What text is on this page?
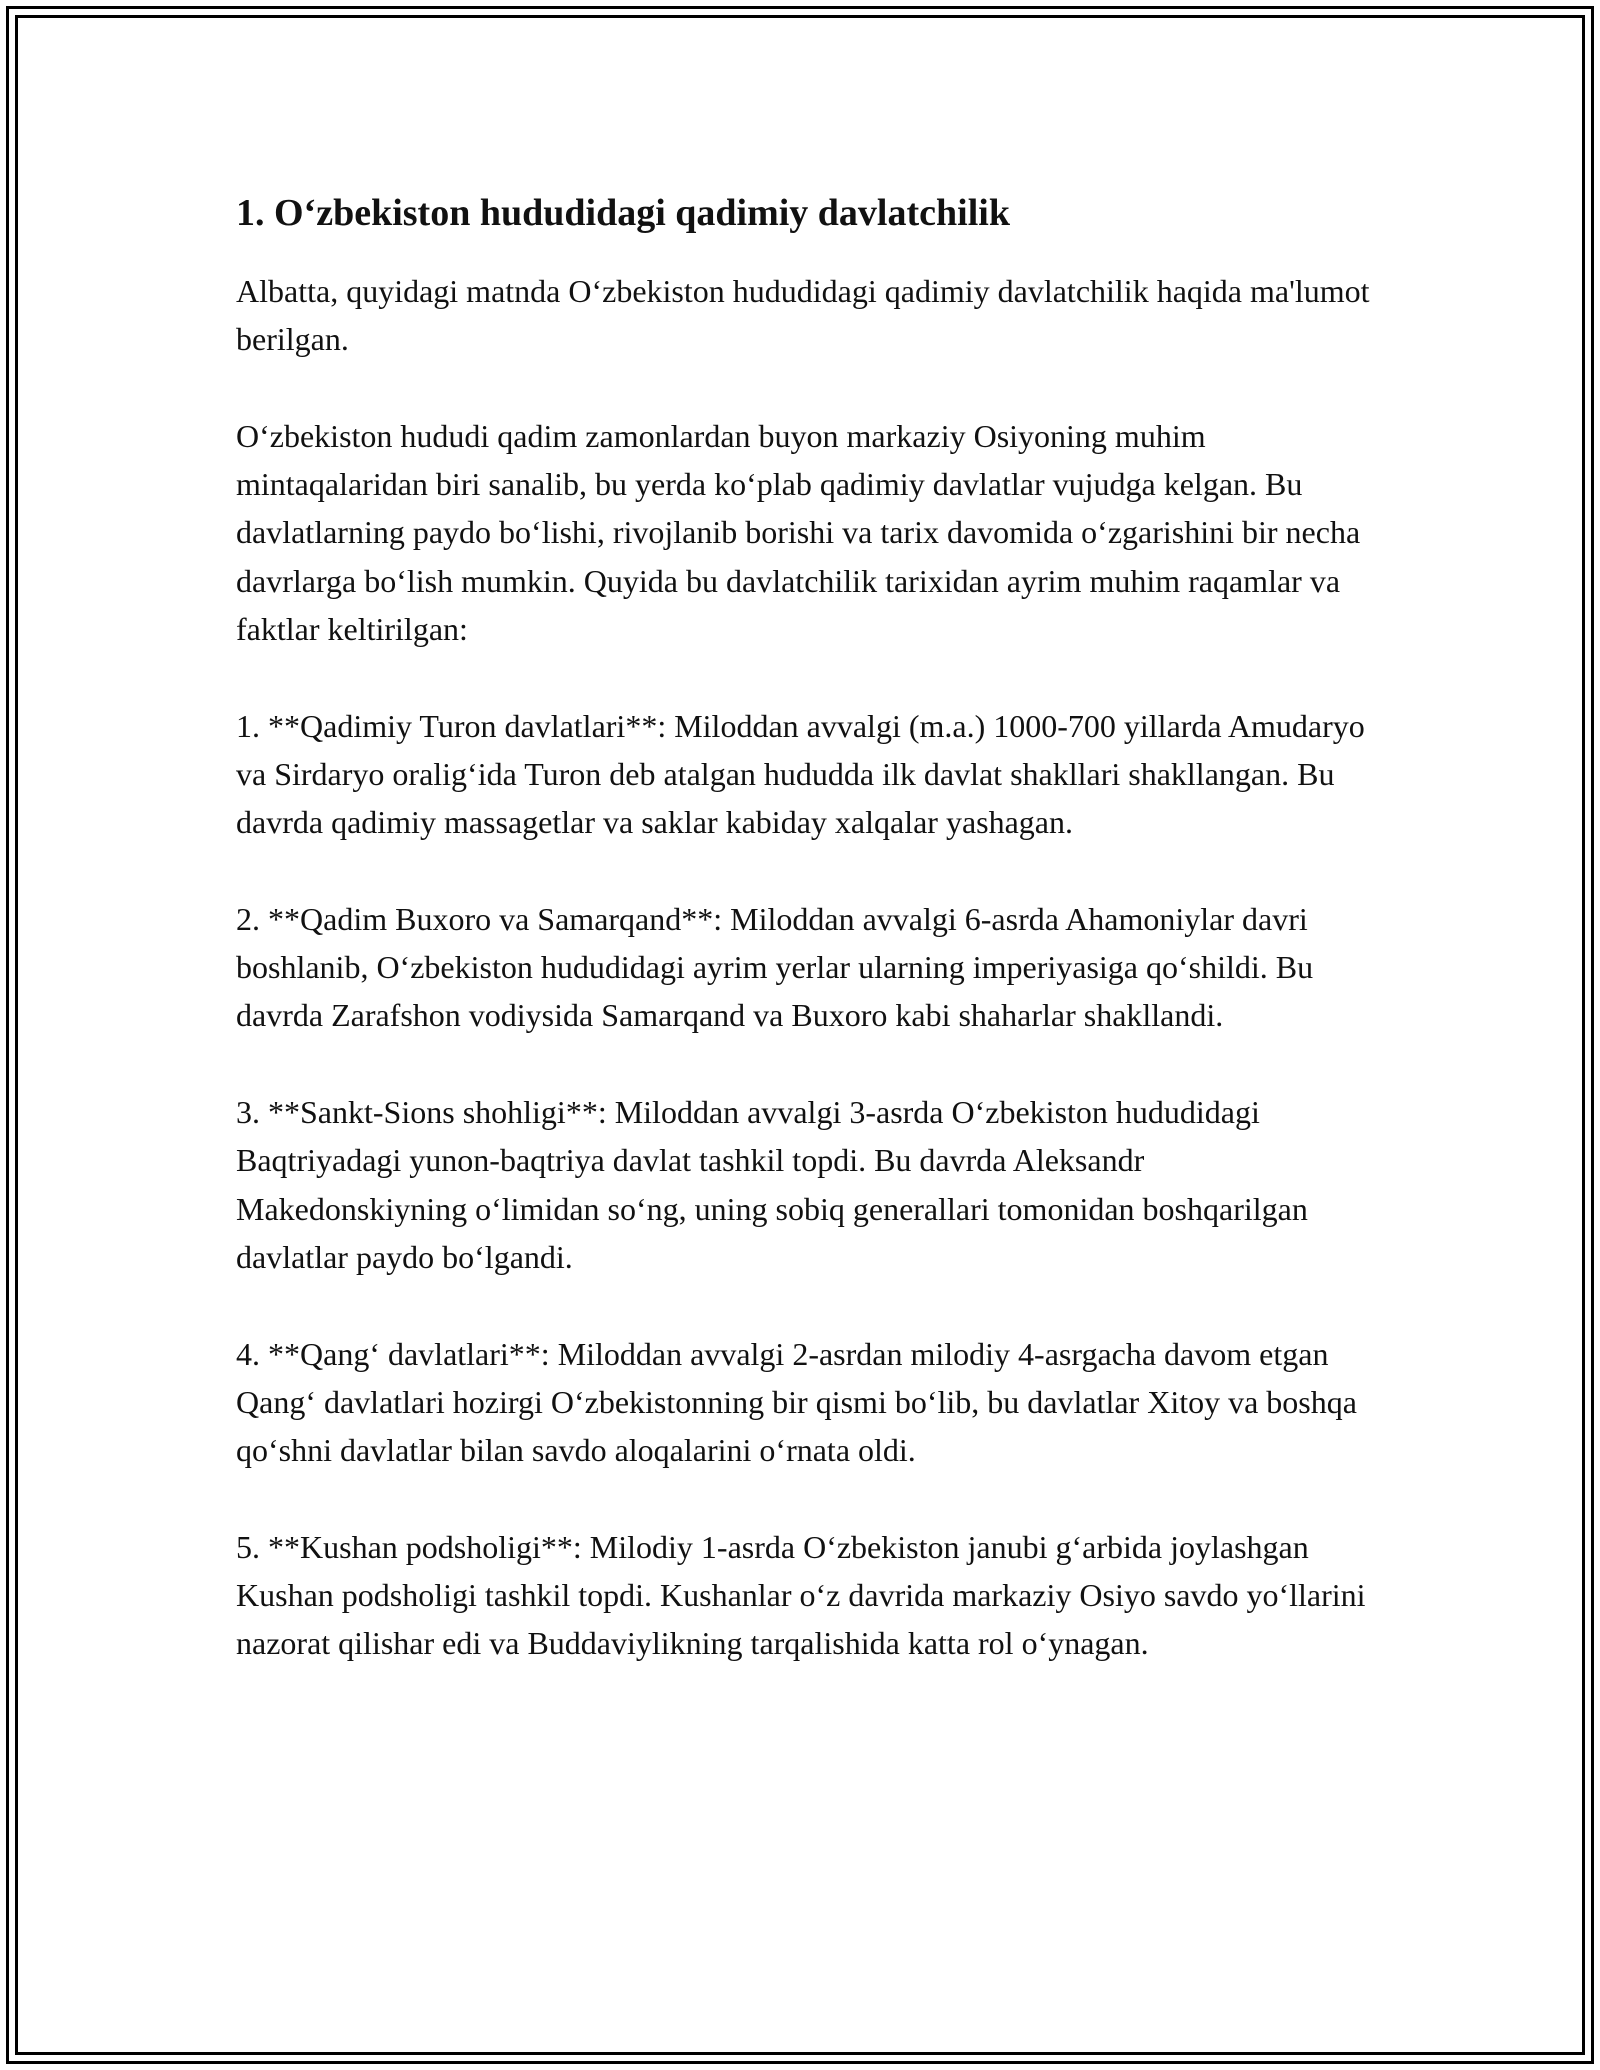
1. O‘zbekiston hududidagi qadimiy davlatchilik

Albatta, quyidagi matnda O‘zbekiston hududidagi qadimiy davlatchilik haqida ma'lumot berilgan.

O‘zbekiston hududi qadim zamonlardan buyon markaziy Osiyoning muhim mintaqalaridan biri sanalib, bu yerda ko‘plab qadimiy davlatlar vujudga kelgan. Bu davlatlarning paydo bo‘lishi, rivojlanib borishi va tarix davomida o‘zgarishini bir necha davrlarga bo‘lish mumkin. Quyida bu davlatchilik tarixidan ayrim muhim raqamlar va faktlar keltirilgan:

1. **Qadimiy Turon davlatlari**: Miloddan avvalgi (m.a.) 1000-700 yillarda Amudaryo va Sirdaryo oralig‘ida Turon deb atalgan hududda ilk davlat shakllari shakllangan. Bu davrda qadimiy massagetlar va saklar kabiday xalqalar yashagan.

2. **Qadim Buxoro va Samarqand**: Miloddan avvalgi 6-asrda Ahamoniylar davri boshlanib, O‘zbekiston hududidagi ayrim yerlar ularning imperiyasiga qo‘shildi. Bu davrda Zarafshon vodiysida Samarqand va Buxoro kabi shaharlar shakllandi.

3. **Sankt-Sions shohligi**: Miloddan avvalgi 3-asrda O‘zbekiston hududidagi Baqtriyadagi yunon-baqtriya davlat tashkil topdi. Bu davrda Aleksandr Makedonskiyning o‘limidan so‘ng, uning sobiq generallari tomonidan boshqarilgan davlatlar paydo bo‘lgandi.

4. **Qang‘ davlatlari**: Miloddan avvalgi 2-asrdan milodiy 4-asrgacha davom etgan Qang‘ davlatlari hozirgi O‘zbekistonning bir qismi bo‘lib, bu davlatlar Xitoy va boshqa qo‘shni davlatlar bilan savdo aloqalarini o‘rnata oldi.

5. **Kushan podsholigi**: Milodiy 1-asrda O‘zbekiston janubi g‘arbida joylashgan Kushan podsholigi tashkil topdi. Kushanlar o‘z davrida markaziy Osiyo savdo yo‘llarini nazorat qilishar edi va Buddaviylikning tarqalishida katta rol o‘ynagan.
